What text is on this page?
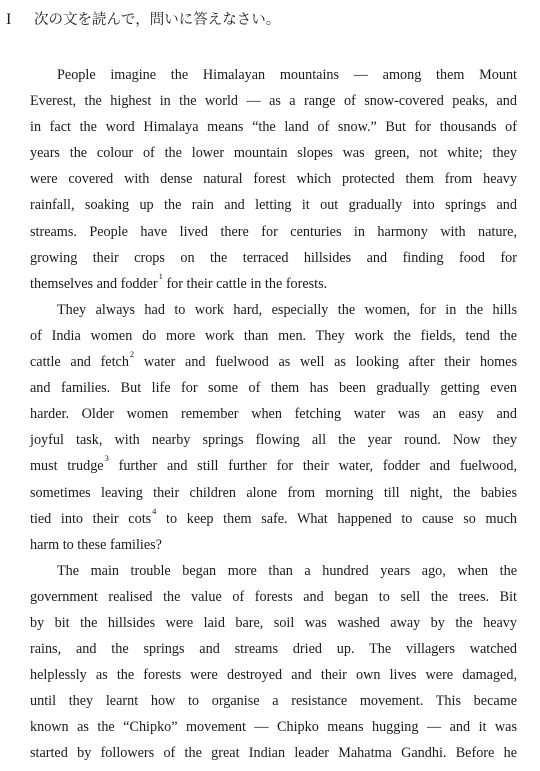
I 次の文を読んで，問いに答えなさい。
People imagine the Himalayan mountains — among them Mount
Everest, the highest in the world — as a range of snow-covered peaks, and
in fact the word Himalaya means “the land of snow.” But for thousands of
years the colour of the lower mountain slopes was green, not white; they
were covered with dense natural forest which protected them from heavy
rainfall, soaking up the rain and letting it out gradually into springs and
streams. People have lived there for centuries in harmony with nature,
growing their crops on the terraced hillsides and finding food for
themselves and fodder$^1$ for their cattle in the forests.
They always had to work hard, especially the women, for in the hills
of India women do more work than men. They work the fields, tend the
cattle and fetch$^2$ water and fuelwood as well as looking after their homes
and families. But life for some of them has been gradually getting even
harder. Older women remember when fetching water was an easy and
joyful task, with nearby springs flowing all the year round. Now they
must trudge$^3$ further and still further for their water, fodder and fuelwood,
sometimes leaving their children alone from morning till night, the babies
tied into their cots$^4$ to keep them safe. What happened to cause so much
harm to these families?
The main trouble began more than a hundred years ago, when the
government realised the value of forests and began to sell the trees. Bit
by bit the hillsides were laid bare, soil was washed away by the heavy
rains, and the springs and streams dried up. The villagers watched
helplessly as the forests were destroyed and their own lives were damaged,
until they learnt how to organise a resistance movement. This became
known as the “Chipko” movement — Chipko means hugging — and it was
started by followers of the great Indian leader Mahatma Gandhi. Before he
